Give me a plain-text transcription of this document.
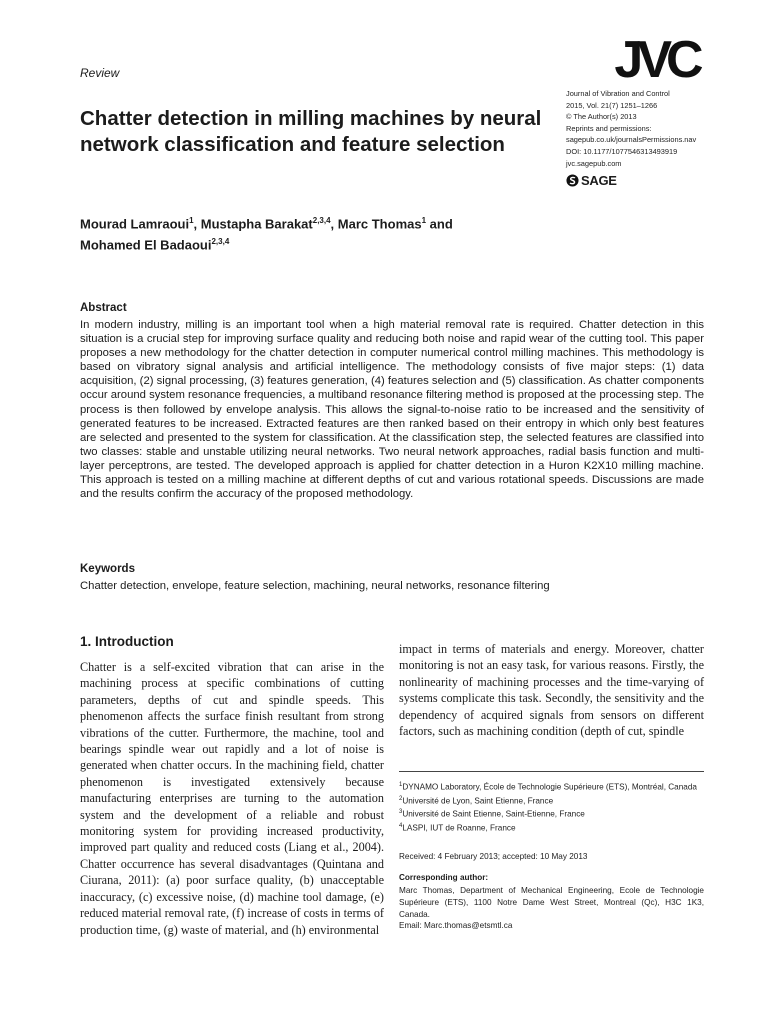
Review	JVC
Journal of Vibration and Control
2015, Vol. 21(7) 1251–1266
© The Author(s) 2013
Reprints and permissions:
sagepub.co.uk/journalsPermissions.nav
DOI: 10.1177/1077546313493919
jvc.sagepub.com
SAGE
Chatter detection in milling machines by neural network classification and feature selection
Mourad Lamraoui$^1$, Mustapha Barakat$^{2,3,4}$, Marc Thomas$^1$ and
Mohamed El Badaoui$^{2,3,4}$
Abstract
In modern industry, milling is an important tool when a high material removal rate is required. Chatter detection in this situation is a crucial step for improving surface quality and reducing both noise and rapid wear of the cutting tool. This paper proposes a new methodology for the chatter detection in computer numerical control milling machines. This methodology is based on vibratory signal analysis and artificial intelligence. The methodology consists of five major steps: (1) data acquisition, (2) signal processing, (3) features generation, (4) features selection and (5) classification. As chatter components occur around system resonance frequencies, a multiband resonance filtering method is proposed at the processing step. The process is then followed by envelope analysis. This allows the signal-to-noise ratio to be increased and the sensitivity of generated features to be increased. Extracted features are then ranked based on their entropy in which only best features are selected and presented to the system for classification. At the classification step, the selected features are classified into two classes: stable and unstable utilizing neural networks. Two neural network approaches, radial basis function and multi-layer perceptrons, are tested. The developed approach is applied for chatter detection in a Huron K2X10 milling machine. This approach is tested on a milling machine at different depths of cut and various rotational speeds. Discussions are made and the results confirm the accuracy of the proposed methodology.
Keywords
Chatter detection, envelope, feature selection, machining, neural networks, resonance filtering
1. Introduction
Chatter is a self-excited vibration that can arise in the machining process at specific combinations of cutting parameters, depths of cut and spindle speeds. This phenomenon affects the surface finish resultant from strong vibrations of the cutter. Furthermore, the machine, tool and bearings spindle wear out rapidly and a lot of noise is generated when chatter occurs. In the machining field, chatter phenomenon is investigated extensively because manufacturing enterprises are turning to the automation system and the development of a reliable and robust monitoring system for providing increased productivity, improved part quality and reduced costs (Liang et al., 2004). Chatter occurrence has several disadvantages (Quintana and Ciurana, 2011): (a) poor surface quality, (b) unacceptable inaccuracy, (c) excessive noise, (d) machine tool damage, (e) reduced material removal rate, (f) increase of costs in terms of production time, (g) waste of material, and (h) environmental
impact in terms of materials and energy. Moreover, chatter monitoring is not an easy task, for various reasons. Firstly, the nonlinearity of machining processes and the time-varying of systems complicate this task. Secondly, the sensitivity and the dependency of acquired signals from sensors on different factors, such as machining condition (depth of cut, spindle
$^1$DYNAMO Laboratory, École de Technologie Supérieure (ETS), Montréal, Canada
$^2$Université de Lyon, Saint Etienne, France
$^3$Université de Saint Etienne, Saint-Etienne, France
$^4$LASPI, IUT de Roanne, France
Received: 4 February 2013; accepted: 10 May 2013
Corresponding author:
Marc Thomas, Department of Mechanical Engineering, Ecole de Technologie Supérieure (ETS), 1100 Notre Dame West Street, Montreal (Qc), H3C 1K3, Canada.
Email: Marc.thomas@etsmtl.ca
